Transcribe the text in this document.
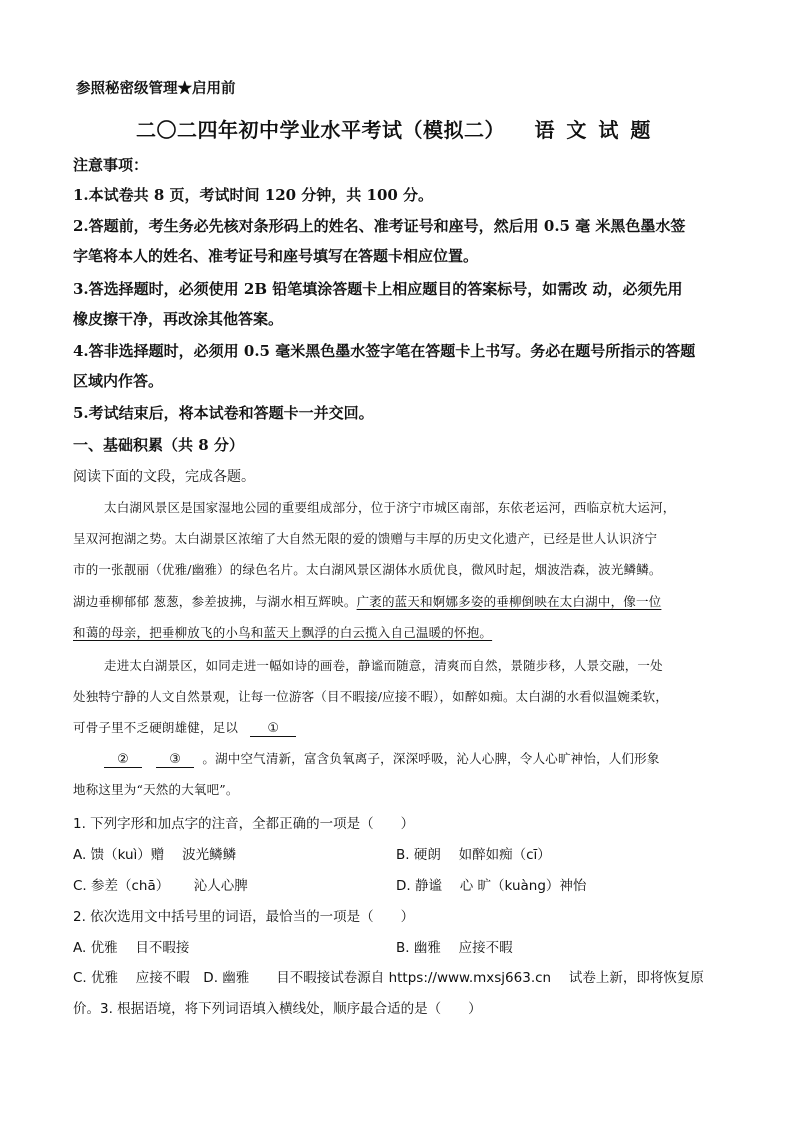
参照秘密级管理★启用前
二〇二四年初中学业水平考试（模拟二） 语 文 试 题
注意事项：
1.本试卷共 8 页，考试时间 120 分钟，共 100 分。
2.答题前，考生务必先核对条形码上的姓名、准考证号和座号，然后用 0.5 毫 米黑色墨水签
字笔将本人的姓名、准考证号和座号填写在答题卡相应位置。
3.答选择题时，必须使用 2B 铅笔填涂答题卡上相应题目的答案标号，如需改 动，必须先用
橡皮擦干净，再改涂其他答案。
4.答非选择题时，必须用 0.5 毫米黑色墨水签字笔在答题卡上书写。务必在题号所指示的答题
区域内作答。
5.考试结束后，将本试卷和答题卡一并交回。
一、基础积累（共 8 分）
阅读下面的文段，完成各题。
太白湖风景区是国家湿地公园的重要组成部分，位于济宁市城区南部，东依老运河，西临京杭大运河，
呈双河抱湖之势。太白湖景区浓缩了大自然无限的爱的馈赠与丰厚的历史文化遗产，已经是世人认识济宁
市的一张靓丽（优雅/幽雅）的绿色名片。太白湖风景区湖体水质优良，微风时起，烟波浩森，波光鳞鳞。
湖边垂柳郁郁 葱葱，参差披拂，与湖水相互辉映。广袤的蓝天和婀娜多姿的垂柳倒映在太白湖中，像一位
和蔼的母亲，把垂柳放飞的小鸟和蓝天上飘浮的白云揽入自己温暖的怀抱。
走进太白湖景区，如同走进一幅如诗的画卷，静谧而随意，清爽而自然，景随步移，人景交融，一处
处独特宁静的人文自然景观，让每一位游客（目不暇接/应接不暇），如醉如痴。太白湖的水看似温婉柔软，
可骨子里不乏硬朗雄健，足以 ①
②	③ 。湖中空气清新，富含负氧离子，深深呼吸，沁人心脾，令人心旷神怡，人们形象
地称这里为“天然的大氧吧”。
1. 下列字形和加点字的注音，全都正确的一项是（　　）
A. 馈（kuì）赠　 波光鳞鳞	B. 硬朗　 如醉如痴（cī）
C. 参差（chā）　　 沁人心脾	D. 静谧　 心 旷（kuàng）神怡
2. 依次选用文中括号里的词语，最恰当的一项是（　　）
A. 优雅　 目不暇接	B. 幽雅　 应接不暇
C. 优雅　 应接不暇　D. 幽雅　　目不暇接试卷源自 https://www.mxsj663.cn　 试卷上新，即将恢复原
价。3. 根据语境，将下列词语填入横线处，顺序最合适的是（　　）
